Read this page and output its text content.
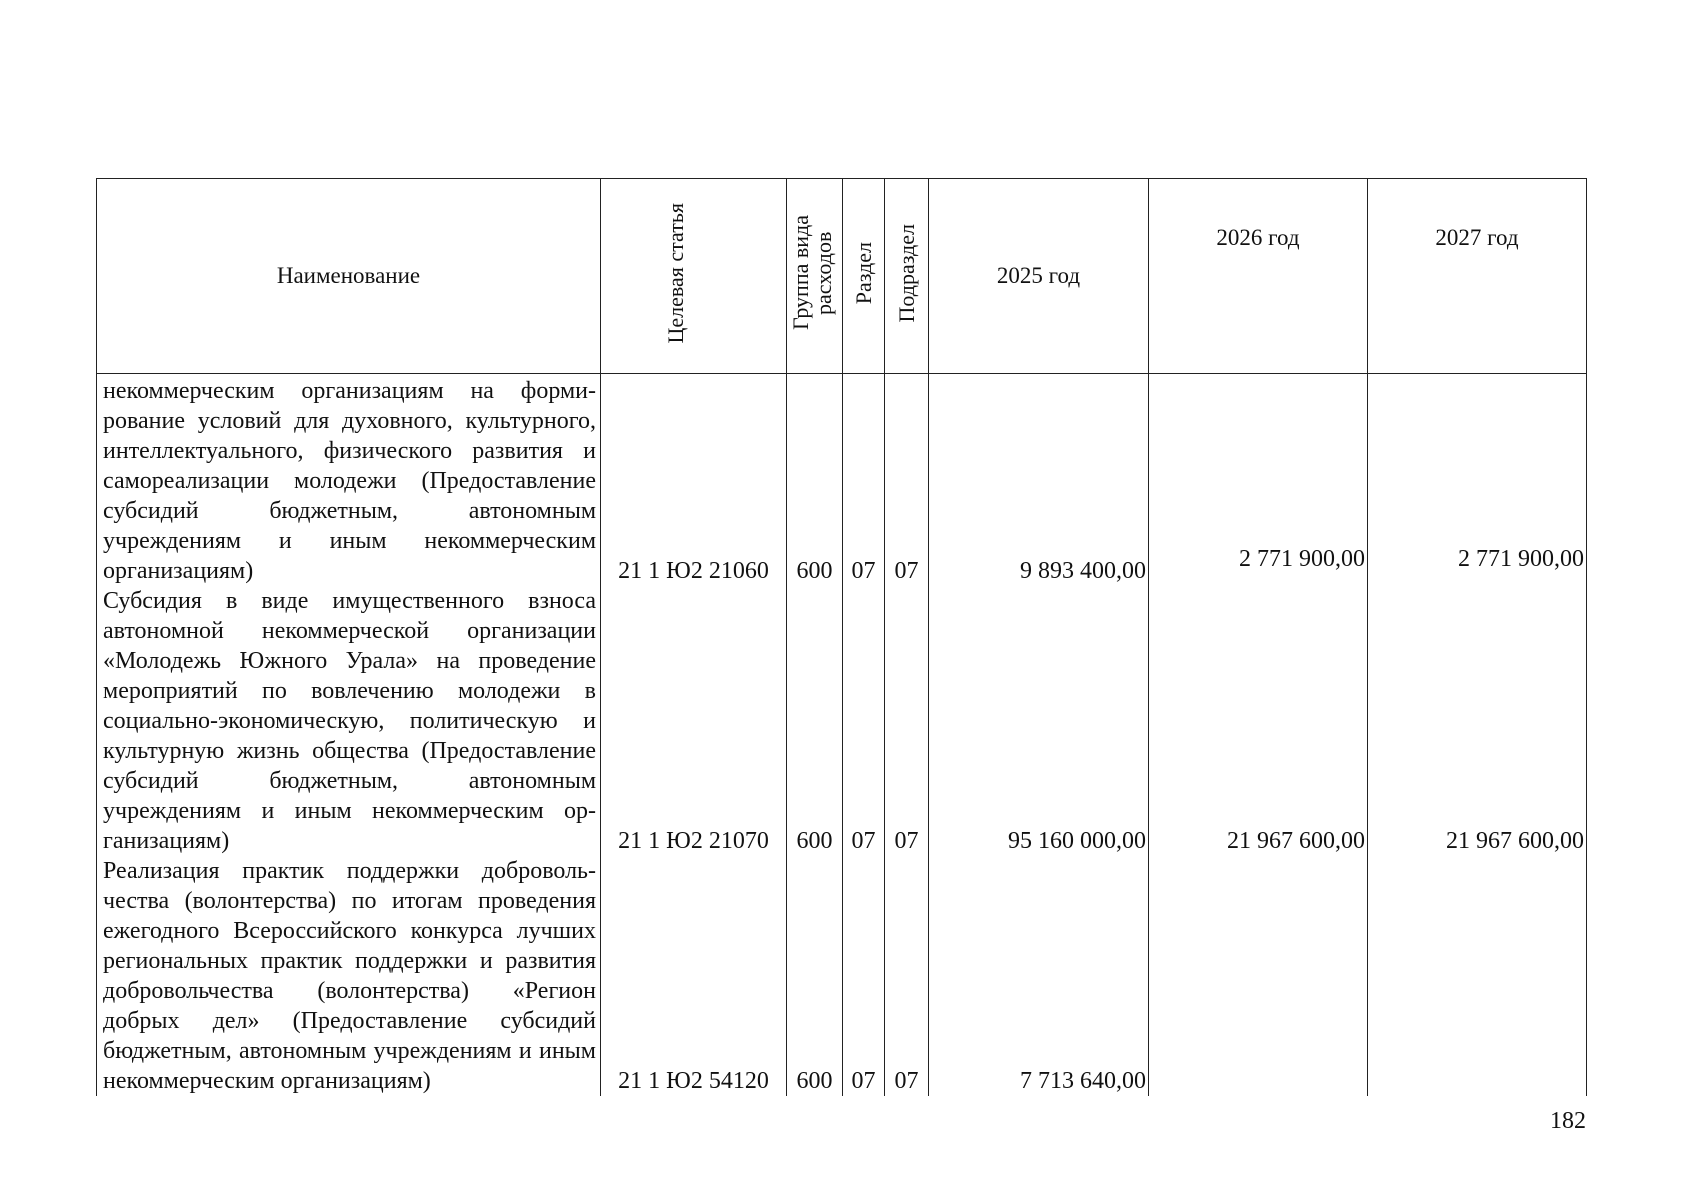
Наименование	Целевая статья	Группа вида расходов	Раздел	Подраздел	2025 год	2026 год	2027 год
некоммерческим организациям на формирование условий для духовного, культурного, интеллектуального, физического развития и самореализации молодежи (Предоставление субсидий бюджетным, автономным учреждениям и иным некоммерческим организациям)	21 1 Ю2 21060	600	07	07	9 893 400,00	2 771 900,00	2 771 900,00
Субсидия в виде имущественного взноса автономной некоммерческой организации «Молодежь Южного Урала» на проведение мероприятий по вовлечению молодежи в социально-экономическую, политическую и культурную жизнь общества (Предоставление субсидий бюджетным, автономным учреждениям и иным некоммерческим организациям)	21 1 Ю2 21070	600	07	07	95 160 000,00	21 967 600,00	21 967 600,00
Реализация практик поддержки добровольчества (волонтерства) по итогам проведения ежегодного Всероссийского конкурса лучших региональных практик поддержки и развития добровольчества (волонтерства) «Регион добрых дел» (Предоставление субсидий бюджетным, автономным учреждениям и иным некоммерческим организациям)	21 1 Ю2 54120	600	07	07	7 713 640,00		
182
